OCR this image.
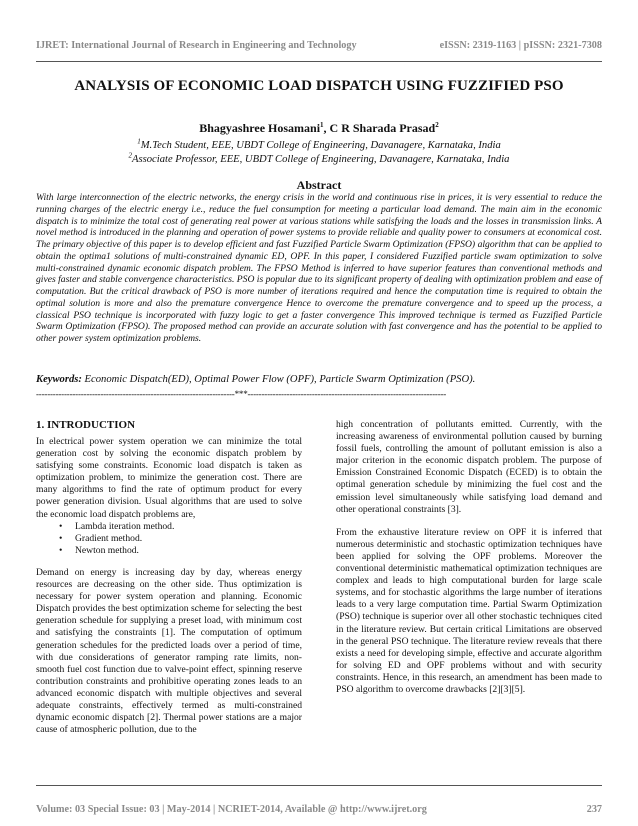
IJRET: International Journal of Research in Engineering and Technology	eISSN: 2319-1163 | pISSN: 2321-7308
ANALYSIS OF ECONOMIC LOAD DISPATCH USING FUZZIFIED PSO
Bhagyashree Hosamani$^1$, C R Sharada Prasad$^2$
$^1$M.Tech Student, EEE, UBDT College of Engineering, Davanagere, Karnataka, India
$^2$Associate Professor, EEE, UBDT College of Engineering, Davanagere, Karnataka, India
Abstract

With large interconnection of the electric networks, the energy crisis in the world and continuous rise in prices, it is very essential to reduce the running charges of the electric energy i.e., reduce the fuel consumption for meeting a particular load demand. The main aim in the economic dispatch is to minimize the total cost of generating real power at various stations while satisfying the loads and the losses in transmission links. A novel method is introduced in the planning and operation of power systems to provide reliable and quality power to consumers at economical cost. The primary objective of this paper is to develop efficient and fast Fuzzified Particle Swarm Optimization (FPSO) algorithm that can be applied to obtain the optima1 solutions of multi-constrained dynamic ED, OPF. In this paper, I considered Fuzzified particle swam optimization to solve multi-constrained dynamic economic dispatch problem. The FPSO Method is inferred to have superior features than conventional methods and gives faster and stable convergence characteristics. PSO is popular due to its significant property of dealing with optimization problem and ease of computation. But the critical drawback of PSO is more number of iterations required and hence the computation time is required to obtain the optimal solution is more and also the premature convergence Hence to overcome the premature convergence and to speed up the process, a classical PSO technique is incorporated with fuzzy logic to get a faster convergence This improved technique is termed as Fuzzified Particle Swarm Optimization (FPSO). The proposed method can provide an accurate solution with fast convergence and has the potential to be applied to other power system optimization problems.

Keywords: Economic Dispatch(ED), Optimal Power Flow (OPF), Particle Swarm Optimization (PSO).

-----------------------------------------------------------------------***-----------------------------------------------------------------------
1. INTRODUCTION

In electrical power system operation we can minimize the total generation cost by solving the economic dispatch problem by satisfying some constraints. Economic load dispatch is taken as optimization problem, to minimize the generation cost. There are many algorithms to find the rate of optimum product for every power generation division. Usual algorithms that are used to solve the economic load dispatch problems are,

• Lambda iteration method.
• Gradient method.
• Newton method.

Demand on energy is increasing day by day, whereas energy resources are decreasing on the other side. Thus optimization is necessary for power system operation and planning. Economic Dispatch provides the best optimization scheme for selecting the best generation schedule for supplying a preset load, with minimum cost and satisfying the constraints [1]. The computation of optimum generation schedules for the predicted loads over a period of time, with due considerations of generator ramping rate limits, non-smooth fuel cost function due to valve-point effect, spinning reserve contribution constraints and prohibitive operating zones leads to an advanced economic dispatch with multiple objectives and several adequate constraints, effectively termed as multi-constrained dynamic economic dispatch [2]. Thermal power stations are a major cause of atmospheric pollution, due to the

high concentration of pollutants emitted. Currently, with the increasing awareness of environmental pollution caused by burning fossil fuels, controlling the amount of pollutant emission is also a major criterion in the economic dispatch problem. The purpose of Emission Constrained Economic Dispatch (ECED) is to obtain the optimal generation schedule by minimizing the fuel cost and the emission level simultaneously while satisfying load demand and other operational constraints [3].

From the exhaustive literature review on OPF it is inferred that numerous deterministic and stochastic optimization techniques have been applied for solving the OPF problems. Moreover the conventional deterministic mathematical optimization techniques are complex and leads to high computational burden for large scale systems, and for stochastic algorithms the large number of iterations leads to a very large computation time. Partial Swarm Optimization (PSO) technique is superior over all other stochastic techniques cited in the literature review. But certain critical Limitations are observed in the general PSO technique. The literature review reveals that there exists a need for developing simple, effective and accurate algorithm for solving ED and OPF problems without and with security constraints. Hence, in this research, an amendment has been made to PSO algorithm to overcome drawbacks [2][3][5].

Volume: 03 Special Issue: 03 | May-2014 | NCRIET-2014, Available @ http://www.ijret.org	237
